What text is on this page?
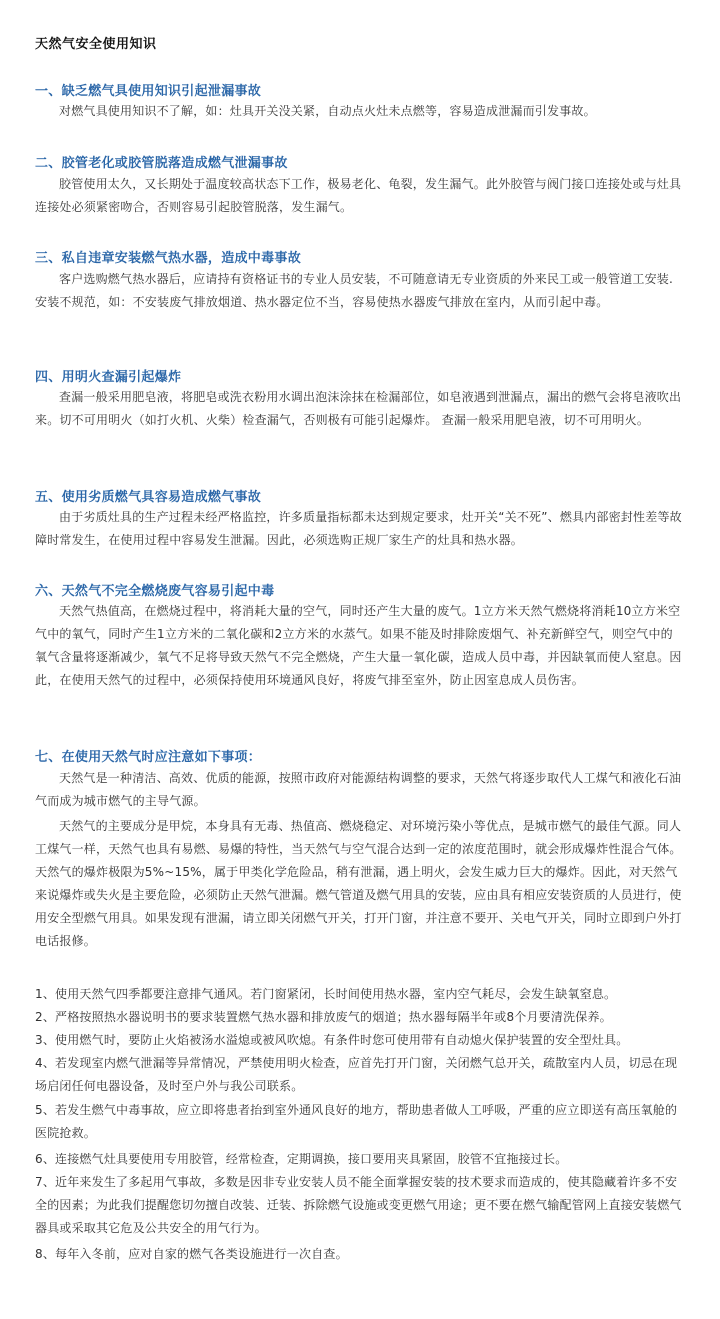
天然气安全使用知识
一、缺乏燃气具使用知识引起泄漏事故

对燃气具使用知识不了解，如：灶具开关没关紧，自动点火灶未点燃等，容易造成泄漏而引发事故。

二、胶管老化或胶管脱落造成燃气泄漏事故

胶管使用太久，又长期处于温度较高状态下工作，极易老化、龟裂，发生漏气。此外胶管与阀门接口连接处或与灶具连接处必须紧密吻合，否则容易引起胶管脱落，发生漏气。

三、私自违章安装燃气热水器，造成中毒事故

客户选购燃气热水器后，应请持有资格证书的专业人员安装，不可随意请无专业资质的外来民工或一般管道工安装. 安装不规范，如：不安装废气排放烟道、热水器定位不当，容易使热水器废气排放在室内，从而引起中毒。

四、用明火查漏引起爆炸

查漏一般采用肥皂液，将肥皂或洗衣粉用水调出泡沫涂抹在检漏部位，如皂液遇到泄漏点，漏出的燃气会将皂液吹出来。切不可用明火（如打火机、火柴）检查漏气，否则极有可能引起爆炸。 查漏一般采用肥皂液，切不可用明火。

五、使用劣质燃气具容易造成燃气事故

由于劣质灶具的生产过程未经严格监控，许多质量指标都未达到规定要求，灶开关“关不死”、燃具内部密封性差等故障时常发生，在使用过程中容易发生泄漏。因此，必须选购正规厂家生产的灶具和热水器。

六、天然气不完全燃烧废气容易引起中毒

天然气热值高，在燃烧过程中，将消耗大量的空气，同时还产生大量的废气。1立方米天然气燃烧将消耗10立方米空气中的氧气，同时产生1立方米的二氧化碳和2立方米的水蒸气。如果不能及时排除废烟气、补充新鲜空气，则空气中的氧气含量将逐渐减少，氧气不足将导致天然气不完全燃烧，产生大量一氧化碳，造成人员中毒，并因缺氧而使人窒息。因此，在使用天然气的过程中，必须保持使用环境通风良好，将废气排至室外，防止因室息成人员伤害。

七、在使用天然气时应注意如下事项：

天然气是一种清洁、高效、优质的能源，按照市政府对能源结构调整的要求，天然气将逐步取代人工煤气和液化石油气而成为城市燃气的主导气源。

天然气的主要成分是甲烷，本身具有无毒、热值高、燃烧稳定、对环境污染小等优点，是城市燃气的最佳气源。同人工煤气一样，天然气也具有易燃、易爆的特性，当天然气与空气混合达到一定的浓度范围时，就会形成爆炸性混合气体。天然气的爆炸极限为5%~15%，属于甲类化学危险品，稍有泄漏，遇上明火，会发生威力巨大的爆炸。因此，对天然气来说爆炸或失火是主要危险，必须防止天然气泄漏。燃气管道及燃气用具的安装，应由具有相应安装资质的人员进行，使用安全型燃气用具。如果发现有泄漏，请立即关闭燃气开关，打开门窗，并注意不要开、关电气开关，同时立即到户外打电话报修。

1、使用天然气四季都要注意排气通风。若门窗紧闭，长时间使用热水器，室内空气耗尽，会发生缺氧窒息。

2、严格按照热水器说明书的要求装置燃气热水器和排放废气的烟道；热水器每隔半年或8个月要清洗保养。

3、使用燃气时，要防止火焰被汤水溢熄或被风吹熄。有条件时您可使用带有自动熄火保护装置的安全型灶具。

4、若发现室内燃气泄漏等异常情况，严禁使用明火检查，应首先打开门窗，关闭燃气总开关，疏散室内人员，切忌在现场启闭任何电器设备，及时至户外与我公司联系。

5、若发生燃气中毒事故，应立即将患者抬到室外通风良好的地方，帮助患者做人工呼吸，严重的应立即送有高压氧舱的医院抢救。

6、连接燃气灶具要使用专用胶管，经常检查，定期调换，接口要用夹具紧固，胶管不宜拖接过长。

7、近年来发生了多起用气事故，多数是因非专业安装人员不能全面掌握安装的技术要求而造成的，使其隐藏着许多不安全的因素；为此我们提醒您切勿擅自改装、迁装、拆除燃气设施或变更燃气用途；更不要在燃气输配管网上直接安装燃气器具或采取其它危及公共安全的用气行为。

8、每年入冬前，应对自家的燃气各类设施进行一次自查。
